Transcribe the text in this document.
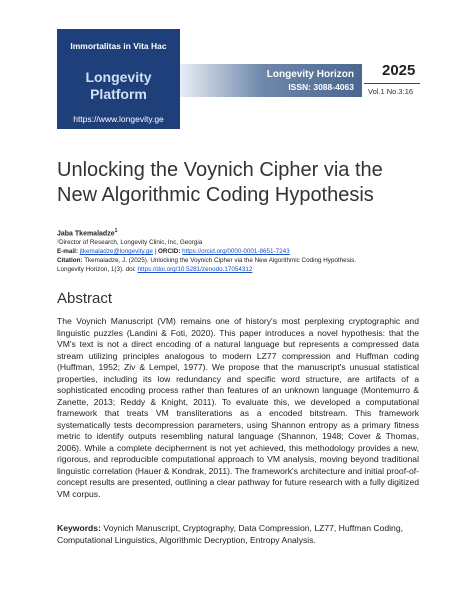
Immortalitas in Vita Hac
Longevity
Platform
https://www.longevity.ge
Longevity Horizon
ISSN: 3088-4063
2025
Vol.1 No.3:16
Unlocking the Voynich Cipher via the New Algorithmic Coding Hypothesis
Jaba Tkemaladze$^1$
¹Director of Research, Longevity Clinic, Inc, Georgia
E-mail: jtkemaladze@longevity.ge | ORCID: https://orcid.org/0000-0001-8651-7243
Citation: Tkemaladze, J. (2025). Unlocking the Voynich Cipher via the New Algorithmic Coding Hypothesis.
Longevity Horizon, 1(3). doi: https://doi.org/10.5281/zenodo.17054312
Abstract
The Voynich Manuscript (VM) remains one of history's most perplexing cryptographic and linguistic puzzles (Landini & Foti, 2020). This paper introduces a novel hypothesis: that the VM's text is not a direct encoding of a natural language but represents a compressed data stream utilizing principles analogous to modern LZ77 compression and Huffman coding (Huffman, 1952; Ziv & Lempel, 1977). We propose that the manuscript's unusual statistical properties, including its low redundancy and specific word structure, are artifacts of a sophisticated encoding process rather than features of an unknown language (Montemurro & Zanette, 2013; Reddy & Knight, 2011). To evaluate this, we developed a computational framework that treats VM transliterations as a encoded bitstream. This framework systematically tests decompression parameters, using Shannon entropy as a primary fitness metric to identify outputs resembling natural language (Shannon, 1948; Cover & Thomas, 2006). While a complete decipherment is not yet achieved, this methodology provides a new, rigorous, and reproducible computational approach to VM analysis, moving beyond traditional linguistic correlation (Hauer & Kondrak, 2011). The framework's architecture and initial proof-of-concept results are presented, outlining a clear pathway for future research with a fully digitized VM corpus.
Keywords: Voynich Manuscript, Cryptography, Data Compression, LZ77, Huffman Coding, Computational Linguistics, Algorithmic Decryption, Entropy Analysis.
